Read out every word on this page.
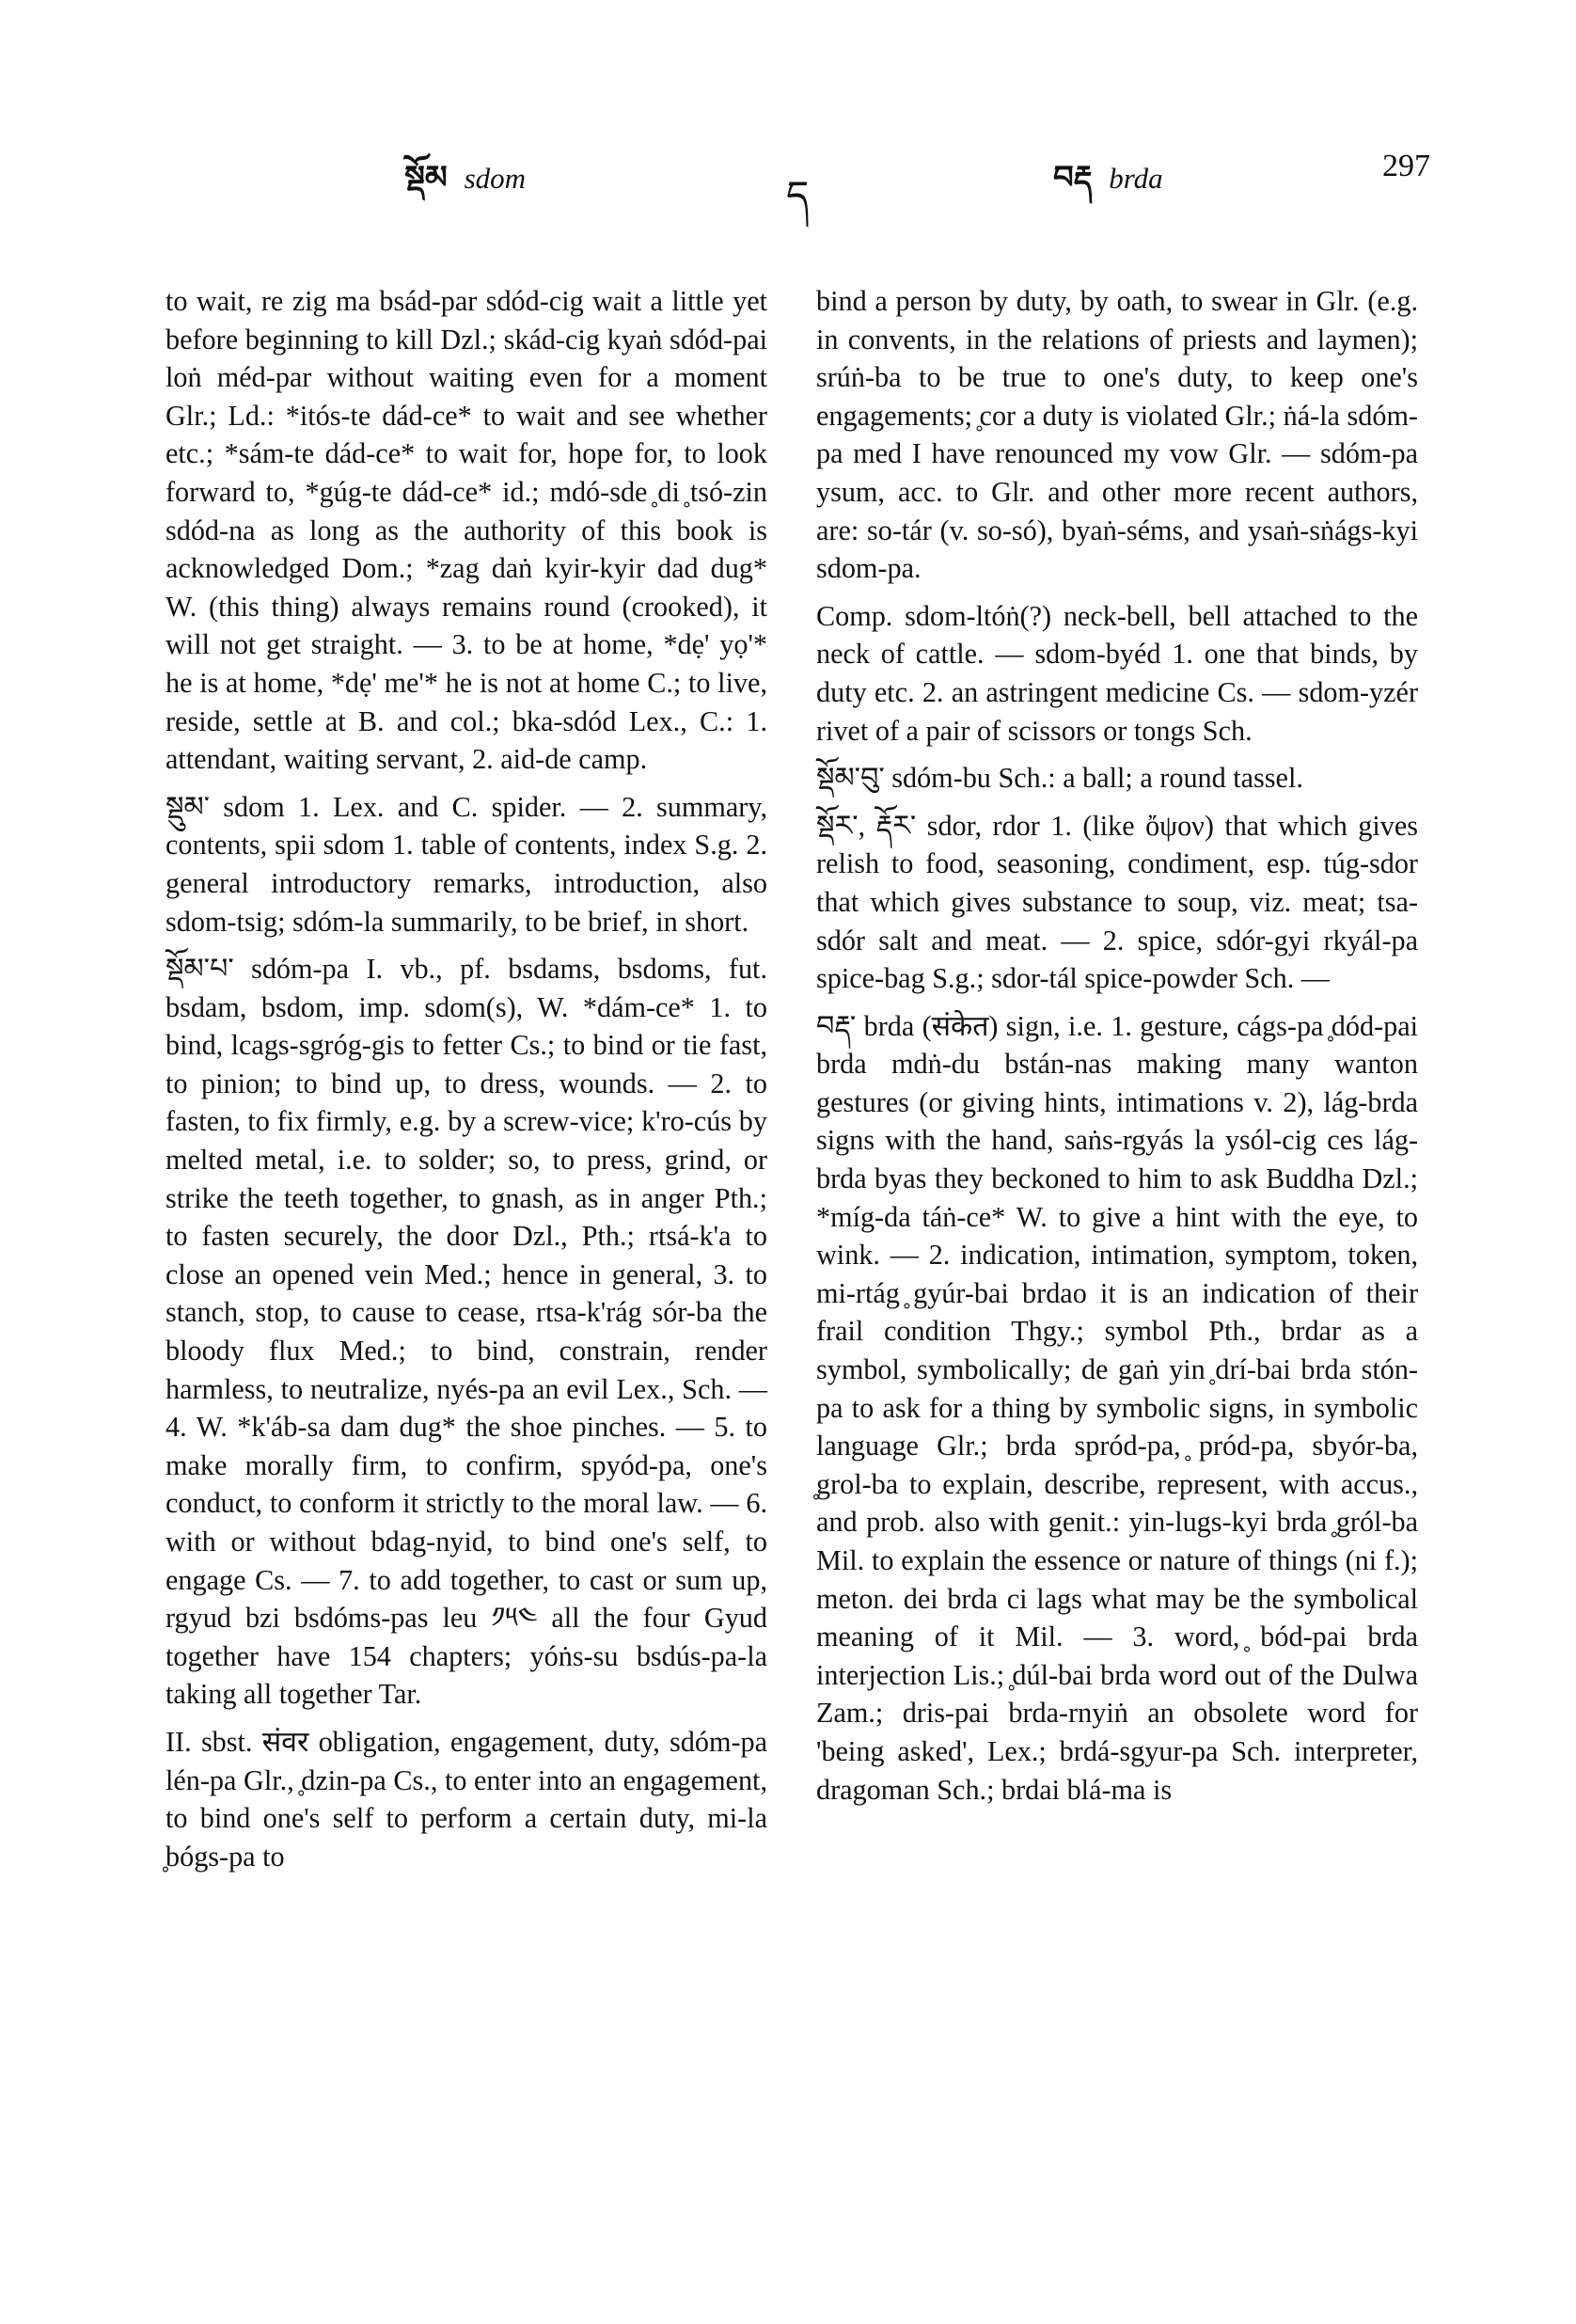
སྡོམ sdom	ད	བརྡ brda	297

to wait, re zig ma bsád-par sdód-cig wait a little yet before beginning to kill Dzl.; skád-cig kyaṅ sdód-pai loṅ méd-par without waiting even for a moment Glr.; Ld.: *itós-te dád-ce* to wait and see whether etc.; *sám-te dád-ce* to wait for, hope for, to look forward to, *gúg-te dád-ce* id.; mdó-sde ̥di ̥tsó-zin sdód-na as long as the authority of this book is acknowledged Dom.; *zag daṅ kyir-kyir dad dug* W. (this thing) always remains round (crooked), it will not get straight. — 3. to be at home, *dẹ' yọ'* he is at home, *dẹ' me'* he is not at home C.; to live, reside, settle at B. and col.; bka-sdód Lex., C.: 1. attendant, waiting servant, 2. aid-de camp.

སྡུམ་ sdom 1. Lex. and C. spider. — 2. summary, contents, spii sdom 1. table of contents, index S.g. 2. general introductory remarks, introduction, also sdom-tsig; sdóm-la summarily, to be brief, in short.

སྡོམ་པ་ sdóm-pa I. vb., pf. bsdams, bsdoms, fut. bsdam, bsdom, imp. sdom(s), W. *dám-ce* 1. to bind, lcags-sgróg-gis to fetter Cs.; to bind or tie fast, to pinion; to bind up, to dress, wounds. — 2. to fasten, to fix firmly, e.g. by a screw-vice; k'ro-cús by melted metal, i.e. to solder; so, to press, grind, or strike the teeth together, to gnash, as in anger Pth.; to fasten securely, the door Dzl., Pth.; rtsá-k'a to close an opened vein Med.; hence in general, 3. to stanch, stop, to cause to cease, rtsa-k'rág sór-ba the bloody flux Med.; to bind, constrain, render harmless, to neutralize, nyés-pa an evil Lex., Sch. — 4. W. *k'áb-sa dam dug* the shoe pinches. — 5. to make morally firm, to confirm, spyód-pa, one's conduct, to conform it strictly to the moral law. — 6. with or without bdag-nyid, to bind one's self, to engage Cs. — 7. to add together, to cast or sum up, rgyud bzi bsdóms-pas leu ༡༥༤ all the four Gyud together have 154 chapters; yóṅs-su bsdús-pa-la taking all together Tar.

II. sbst. संवर obligation, engagement, duty, sdóm-pa lén-pa Glr., ̥dzin-pa Cs., to enter into an engagement, to bind one's self to perform a certain duty, mi-la ̥bógs-pa to

bind a person by duty, by oath, to swear in Glr. (e.g. in convents, in the relations of priests and laymen); srúṅ-ba to be true to one's duty, to keep one's engagements; ̥cor a duty is violated Glr.; ṅá-la sdóm-pa med I have renounced my vow Glr. — sdóm-pa ysum, acc. to Glr. and other more recent authors, are: so-tár (v. so-só), byaṅ-séms, and ysaṅ-sṅágs-kyi sdom-pa.

Comp. sdom-ltóṅ(?) neck-bell, bell attached to the neck of cattle. — sdom-byéd 1. one that binds, by duty etc. 2. an astringent medicine Cs. — sdom-yzér rivet of a pair of scissors or tongs Sch.

སྡོམ་བུ་ sdóm-bu Sch.: a ball; a round tassel.

སྡོར་, རྡོར་ sdor, rdor 1. (like ὄψον) that which gives relish to food, seasoning, condiment, esp. túg-sdor that which gives substance to soup, viz. meat; tsa-sdór salt and meat. — 2. spice, sdór-gyi rkyál-pa spice-bag S.g.; sdor-tál spice-powder Sch. —

བརྡ་ brda (संकेत) sign, i.e. 1. gesture, cágs-pa ̥dód-pai brda mdṅ-du bstán-nas making many wanton gestures (or giving hints, intimations v. 2), lág-brda signs with the hand, saṅs-rgyás la ysól-cig ces lág-brda byas they beckoned to him to ask Buddha Dzl.; *míg-da táṅ-ce* W. to give a hint with the eye, to wink. — 2. indication, intimation, symptom, token, mi-rtág ̥gyúr-bai brdao it is an indication of their frail condition Thgy.; symbol Pth., brdar as a symbol, symbolically; de gaṅ yin ̥drí-bai brda stón-pa to ask for a thing by symbolic signs, in symbolic language Glr.; brda spród-pa, ̥pród-pa, sbyór-ba, ̥grol-ba to explain, describe, represent, with accus., and prob. also with genit.: yin-lugs-kyi brda ̥gról-ba Mil. to explain the essence or nature of things (ni f.); meton. dei brda ci lags what may be the symbolical meaning of it Mil. — 3. word, ̥bód-pai brda interjection Lis.; ̥dúl-bai brda word out of the Dulwa Zam.; dris-pai brda-rnyiṅ an obsolete word for 'being asked', Lex.; brdá-sgyur-pa Sch. interpreter, dragoman Sch.; brdai blá-ma is
